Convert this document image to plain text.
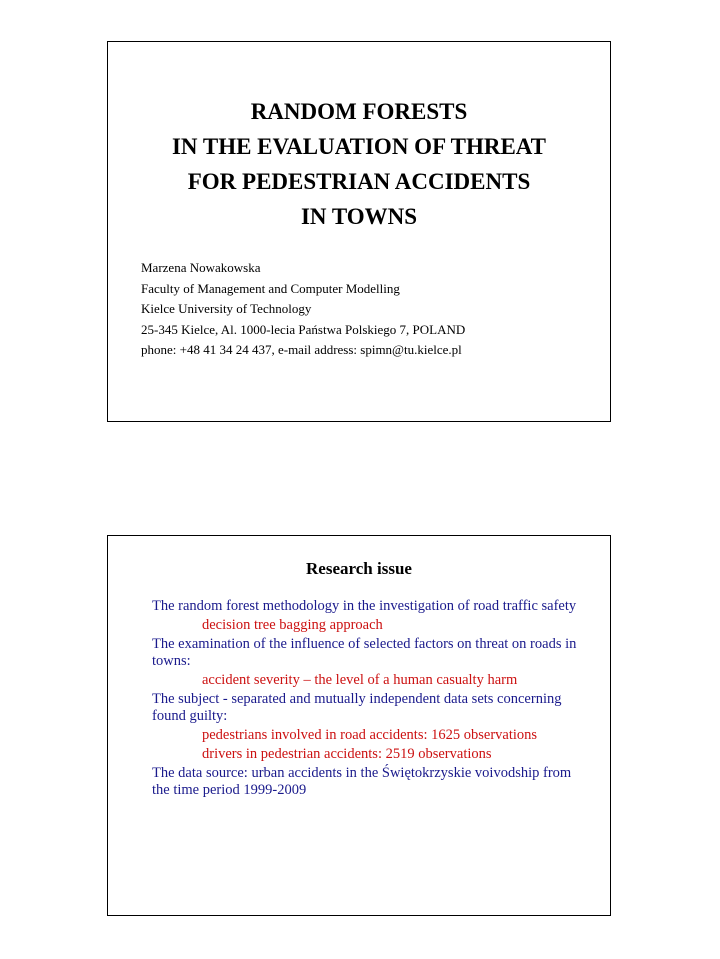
RANDOM FORESTS
IN THE EVALUATION OF THREAT
FOR PEDESTRIAN ACCIDENTS
IN TOWNS
Marzena Nowakowska
Faculty of Management and Computer Modelling
Kielce University of Technology
25-345 Kielce, Al. 1000-lecia Państwa Polskiego 7, POLAND
phone: +48 41 34 24 437, e-mail address: spimn@tu.kielce.pl
Research issue
The random forest methodology in the investigation of road traffic safety
decision tree bagging approach
The examination of the influence of selected factors on threat on roads in towns:
accident severity – the level of a human casualty harm
The subject - separated and mutually independent data sets concerning found guilty:
pedestrians involved in road accidents: 1625 observations
drivers in pedestrian accidents: 2519 observations
The data source: urban accidents in the Świętokrzyskie voivodship from the time period 1999-2009
